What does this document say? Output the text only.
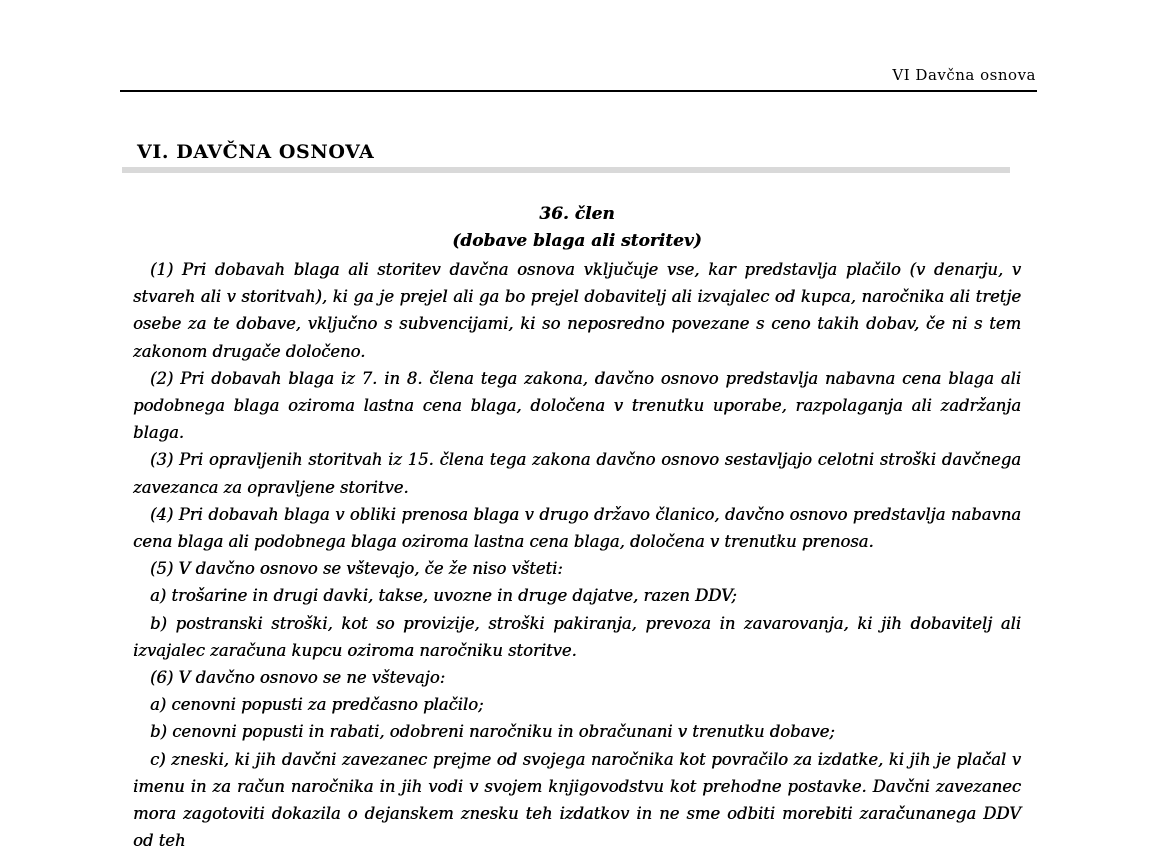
VI Davčna osnova
VI. DAVČNA OSNOVA
36. člen
(dobave blaga ali storitev)

(1) Pri dobavah blaga ali storitev davčna osnova vključuje vse, kar predstavlja plačilo (v denarju, v stvareh ali v storitvah), ki ga je prejel ali ga bo prejel dobavitelj ali izvajalec od kupca, naročnika ali tretje osebe za te dobave, vključno s subvencijami, ki so neposredno povezane s ceno takih dobav, če ni s tem zakonom drugače določeno.

(2) Pri dobavah blaga iz 7. in 8. člena tega zakona, davčno osnovo predstavlja nabavna cena blaga ali podobnega blaga oziroma lastna cena blaga, določena v trenutku uporabe, razpolaganja ali zadržanja blaga.

(3) Pri opravljenih storitvah iz 15. člena tega zakona davčno osnovo sestavljajo celotni stroški davčnega zavezanca za opravljene storitve.

(4) Pri dobavah blaga v obliki prenosa blaga v drugo državo članico, davčno osnovo predstavlja nabavna cena blaga ali podobnega blaga oziroma lastna cena blaga, določena v trenutku prenosa.

(5) V davčno osnovo se vštevajo, če že niso všteti:

a) trošarine in drugi davki, takse, uvozne in druge dajatve, razen DDV;

b) postranski stroški, kot so provizije, stroški pakiranja, prevoza in zavarovanja, ki jih dobavitelj ali izvajalec zaračuna kupcu oziroma naročniku storitve.

(6) V davčno osnovo se ne vštevajo:

a) cenovni popusti za predčasno plačilo;

b) cenovni popusti in rabati, odobreni naročniku in obračunani v trenutku dobave;

c) zneski, ki jih davčni zavezanec prejme od svojega naročnika kot povračilo za izdatke, ki jih je plačal v imenu in za račun naročnika in jih vodi v svojem knjigovodstvu kot prehodne postavke. Davčni zavezanec mora zagotoviti dokazila o dejanskem znesku teh izdatkov in ne sme odbiti morebiti zaračunanega DDV od teh
